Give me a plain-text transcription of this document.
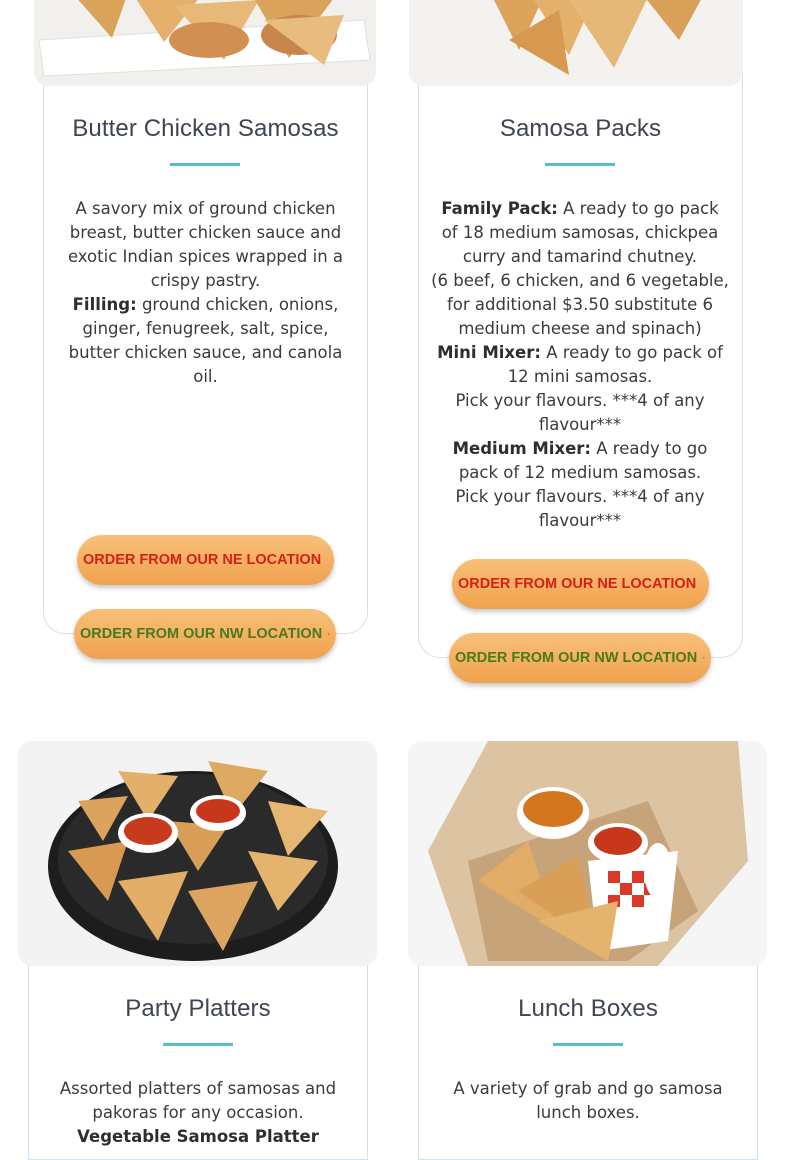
Butter Chicken Samosas
A savory mix of ground chicken breast, butter chicken sauce and exotic Indian spices wrapped in a crispy pastry.
Filling: ground chicken, onions, ginger, fenugreek, salt, spice, butter chicken sauce, and canola oil.
ORDER FROM OUR NE LOCATION
ORDER FROM OUR NW LOCATION
Samosa Packs
Family Pack: A ready to go pack of 18 medium samosas, chickpea curry and tamarind chutney.
(6 beef, 6 chicken, and 6 vegetable, for additional $3.50 substitute 6 medium cheese and spinach)
Mini Mixer: A ready to go pack of 12 mini samosas.
Pick your flavours. ***4 of any flavour***
Medium Mixer: A ready to go pack of 12 medium samosas.
Pick your flavours. ***4 of any flavour***
ORDER FROM OUR NE LOCATION
ORDER FROM OUR NW LOCATION
Party Platters
Assorted platters of samosas and pakoras for any occasion.
Vegetable Samosa Platter
Lunch Boxes
A variety of grab and go samosa lunch boxes.
